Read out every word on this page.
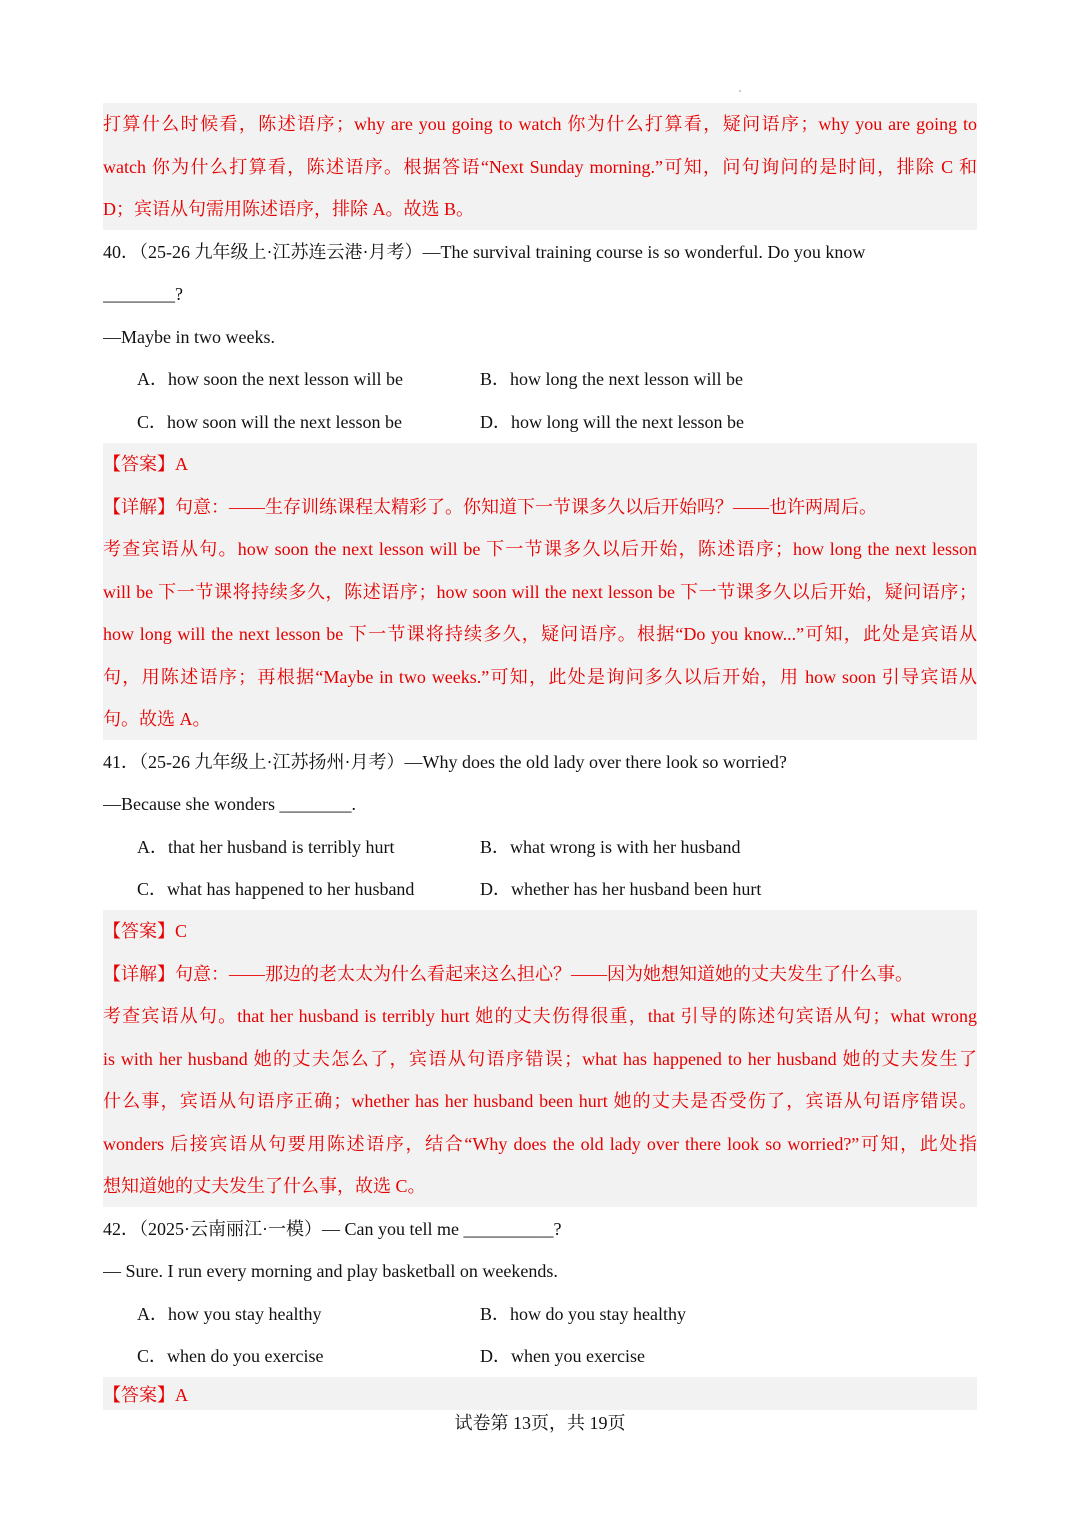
打算什么时候看，陈述语序；why are you going to watch 你为什么打算看，疑问语序；why you are going to
watch 你为什么打算看，陈述语序。根据答语“Next Sunday morning.”可知，问句询问的是时间，排除 C 和
D；宾语从句需用陈述语序，排除 A。故选 B。
40．（25-26 九年级上·江苏连云港·月考）—The survival training course is so wonderful. Do you know
________?
—Maybe in two weeks.
A．how soon the next lesson will be	B．how long the next lesson will be
C．how soon will the next lesson be	D．how long will the next lesson be
【答案】A
【详解】句意：——生存训练课程太精彩了。你知道下一节课多久以后开始吗？——也许两周后。
考查宾语从句。how soon the next lesson will be 下一节课多久以后开始，陈述语序；how long the next lesson
will be 下一节课将持续多久，陈述语序；how soon will the next lesson be 下一节课多久以后开始，疑问语序；
how long will the next lesson be 下一节课将持续多久，疑问语序。根据“Do you know...”可知，此处是宾语从
句，用陈述语序；再根据“Maybe in two weeks.”可知，此处是询问多久以后开始，用 how soon 引导宾语从
句。故选 A。
41．（25-26 九年级上·江苏扬州·月考）—Why does the old lady over there look so worried?
—Because she wonders ________.
A．that her husband is terribly hurt	B．what wrong is with her husband
C．what has happened to her husband	D．whether has her husband been hurt
【答案】C
【详解】句意：——那边的老太太为什么看起来这么担心？——因为她想知道她的丈夫发生了什么事。
考查宾语从句。that her husband is terribly hurt 她的丈夫伤得很重，that 引导的陈述句宾语从句；what wrong
is with her husband 她的丈夫怎么了，宾语从句语序错误；what has happened to her husband 她的丈夫发生了
什么事，宾语从句语序正确；whether has her husband been hurt 她的丈夫是否受伤了，宾语从句语序错误。
wonders 后接宾语从句要用陈述语序，结合“Why does the old lady over there look so worried?”可知，此处指
想知道她的丈夫发生了什么事，故选 C。
42．（2025·云南丽江·一模）— Can you tell me __________?
— Sure. I run every morning and play basketball on weekends.
A．how you stay healthy	B．how do you stay healthy
C．when do you exercise	D．when you exercise
【答案】A
试卷第 13页，共 19页
